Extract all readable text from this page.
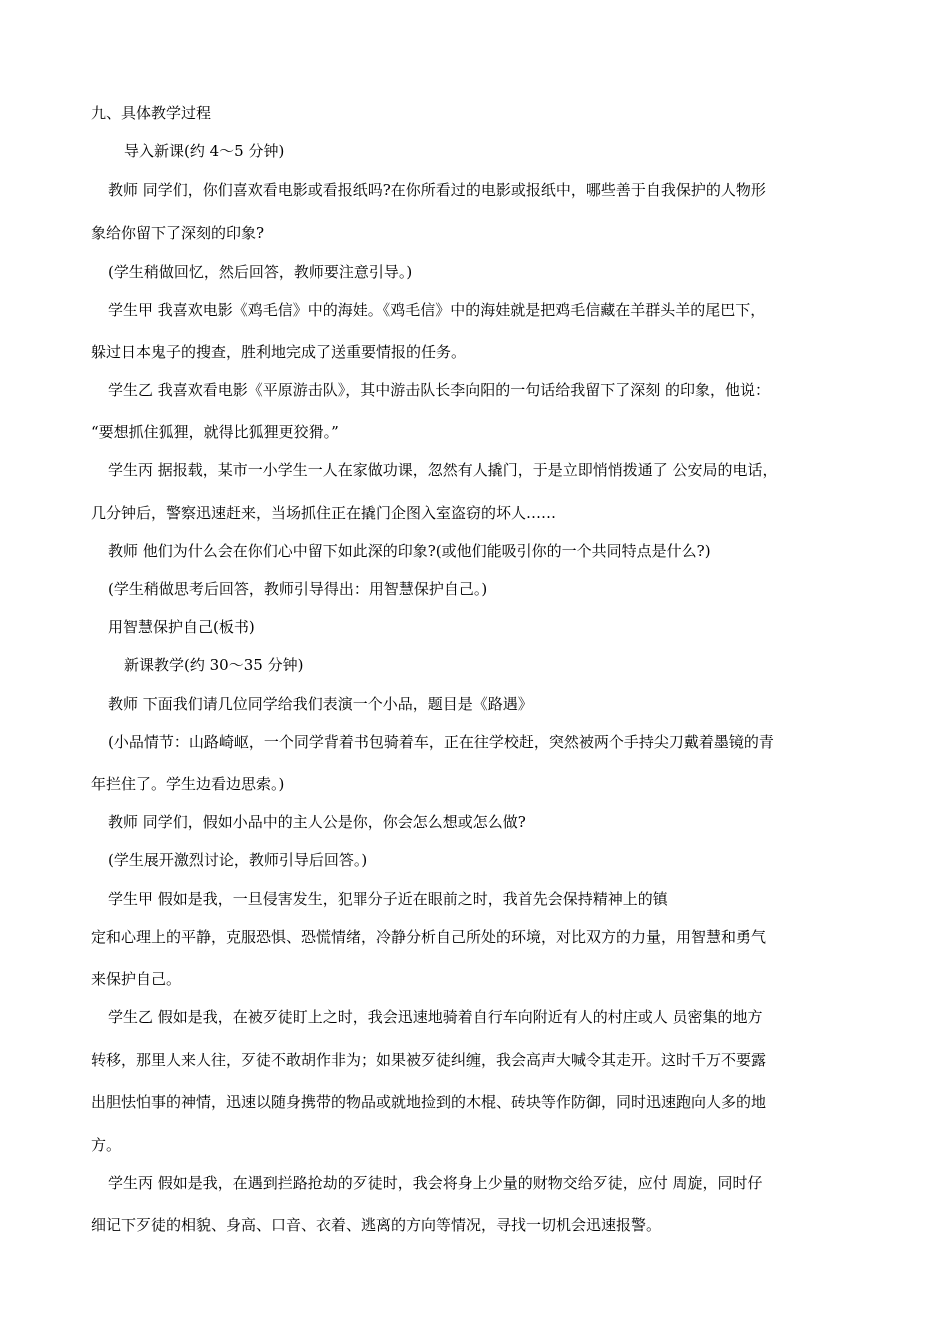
九、具体教学过程
导入新课(约 4～5 分钟)
教师 同学们，你们喜欢看电影或看报纸吗?在你所看过的电影或报纸中，哪些善于自我保护的人物形
象给你留下了深刻的印象?
(学生稍做回忆，然后回答，教师要注意引导。)
学生甲 我喜欢电影《鸡毛信》中的海娃。《鸡毛信》中的海娃就是把鸡毛信藏在羊群头羊的尾巴下，
躲过日本鬼子的搜查，胜利地完成了送重要情报的任务。
学生乙 我喜欢看电影《平原游击队》，其中游击队长李向阳的一句话给我留下了深刻 的印象，他说：
“要想抓住狐狸，就得比狐狸更狡猾。”
学生丙 据报载，某市一小学生一人在家做功课，忽然有人撬门，于是立即悄悄拨通了 公安局的电话，
几分钟后，警察迅速赶来，当场抓住正在撬门企图入室盗窃的坏人……
教师 他们为什么会在你们心中留下如此深的印象?(或他们能吸引你的一个共同特点是什么?)
(学生稍做思考后回答，教师引导得出：用智慧保护自己。)
用智慧保护自己(板书)
新课教学(约 30～35 分钟)
教师 下面我们请几位同学给我们表演一个小品，题目是《路遇》
(小品情节：山路崎岖，一个同学背着书包骑着车，正在往学校赶，突然被两个手持尖刀戴着墨镜的青
年拦住了。学生边看边思索。)
教师 同学们，假如小品中的主人公是你，你会怎么想或怎么做?
(学生展开激烈讨论，教师引导后回答。)
学生甲 假如是我，一旦侵害发生，犯罪分子近在眼前之时，我首先会保持精神上的镇
定和心理上的平静，克服恐惧、恐慌情绪，冷静分析自己所处的环境，对比双方的力量，用智慧和勇气
来保护自己。
学生乙 假如是我，在被歹徒盯上之时，我会迅速地骑着自行车向附近有人的村庄或人 员密集的地方
转移，那里人来人往，歹徒不敢胡作非为；如果被歹徒纠缠，我会高声大喊令其走开。这时千万不要露
出胆怯怕事的神情，迅速以随身携带的物品或就地捡到的木棍、砖块等作防御，同时迅速跑向人多的地
方。
学生丙 假如是我，在遇到拦路抢劫的歹徒时，我会将身上少量的财物交给歹徒，应付 周旋，同时仔
细记下歹徒的相貌、身高、口音、衣着、逃离的方向等情况，寻找一切机会迅速报警。
